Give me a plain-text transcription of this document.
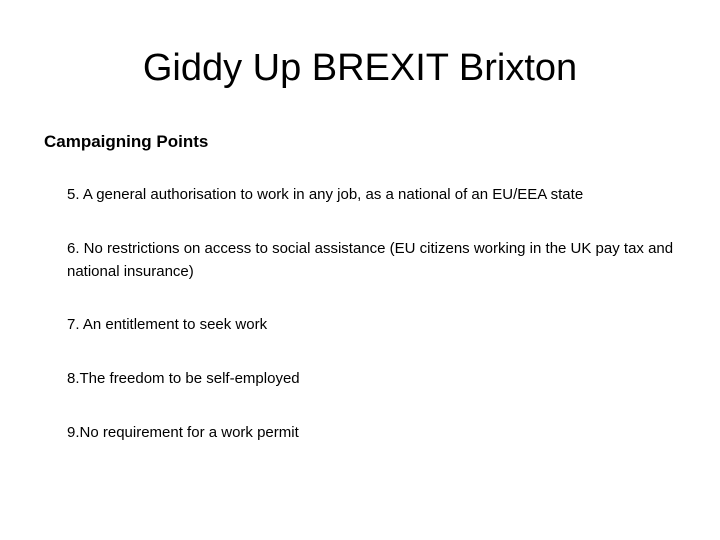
Giddy Up BREXIT Brixton
Campaigning Points
5. A general authorisation to work in any job, as a national of an EU/EEA state
6. No restrictions on access to social assistance (EU citizens working in the UK pay tax and national insurance)
7. An entitlement to seek work
8.The freedom to be self-employed
9.No requirement for a work permit
